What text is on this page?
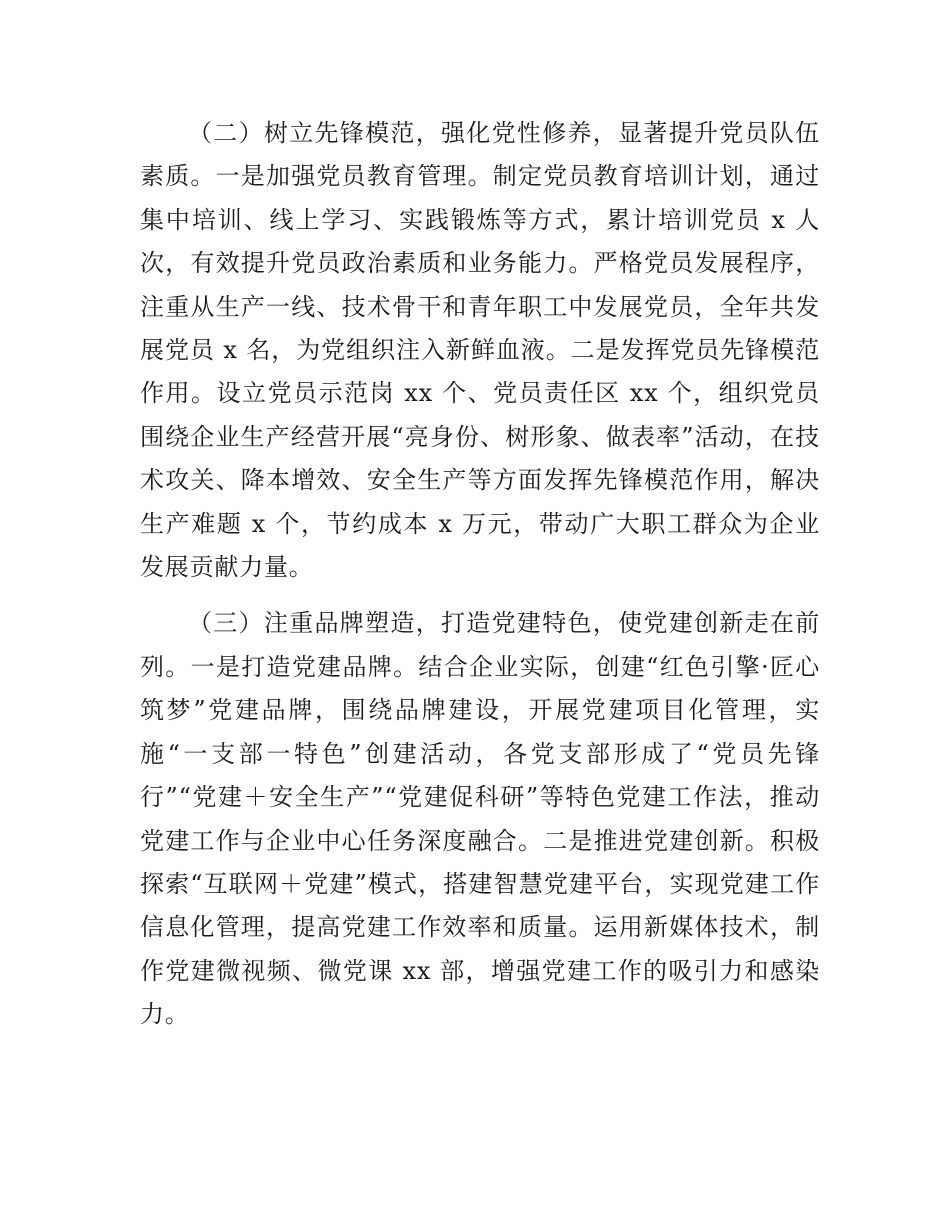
（二）树立先锋模范，强化党性修养，显著提升党员队伍素质。一是加强党员教育管理。制定党员教育培训计划，通过集中培训、线上学习、实践锻炼等方式，累计培训党员 x 人次，有效提升党员政治素质和业务能力。严格党员发展程序，注重从生产一线、技术骨干和青年职工中发展党员，全年共发展党员 x 名，为党组织注入新鲜血液。二是发挥党员先锋模范作用。设立党员示范岗 xx 个、党员责任区 xx 个，组织党员围绕企业生产经营开展“亮身份、树形象、做表率”活动，在技术攻关、降本增效、安全生产等方面发挥先锋模范作用，解决生产难题 x 个，节约成本 x 万元，带动广大职工群众为企业发展贡献力量。

（三）注重品牌塑造，打造党建特色，使党建创新走在前列。一是打造党建品牌。结合企业实际，创建“红色引擎·匠心筑梦”党建品牌，围绕品牌建设，开展党建项目化管理，实施“一支部一特色”创建活动，各党支部形成了“党员先锋行”“党建＋安全生产”“党建促科研”等特色党建工作法，推动党建工作与企业中心任务深度融合。二是推进党建创新。积极探索“互联网＋党建”模式，搭建智慧党建平台，实现党建工作信息化管理，提高党建工作效率和质量。运用新媒体技术，制作党建微视频、微党课 xx 部，增强党建工作的吸引力和感染力。
